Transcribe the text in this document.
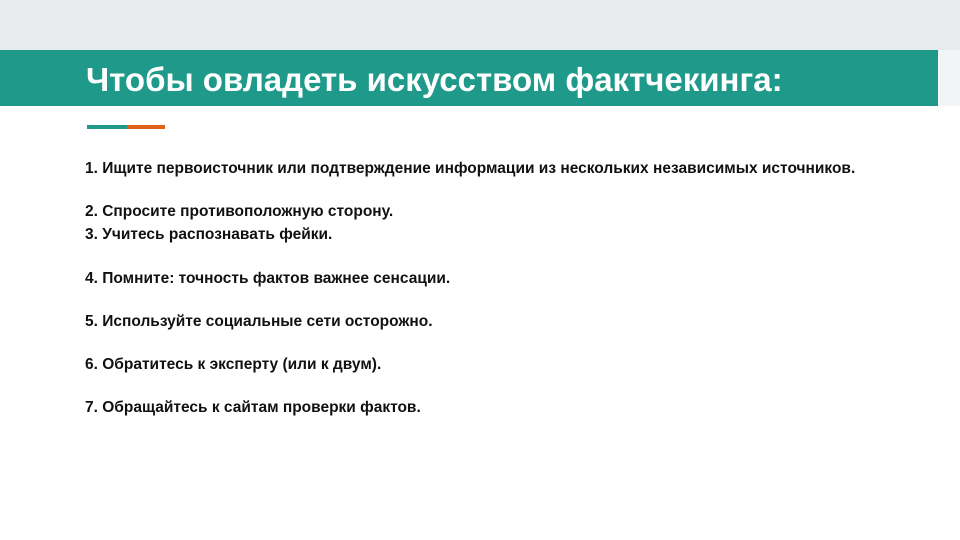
Чтобы овладеть искусством фактчекинга:

1. Ищите первоисточник или подтверждение информации из нескольких независимых источников.

2. Спросите противоположную сторону.

3. Учитесь распознавать фейки.

4. Помните: точность фактов важнее сенсации.

5. Используйте социальные сети осторожно.

6. Обратитесь к эксперту (или к двум).

7. Обращайтесь к сайтам проверки фактов.
